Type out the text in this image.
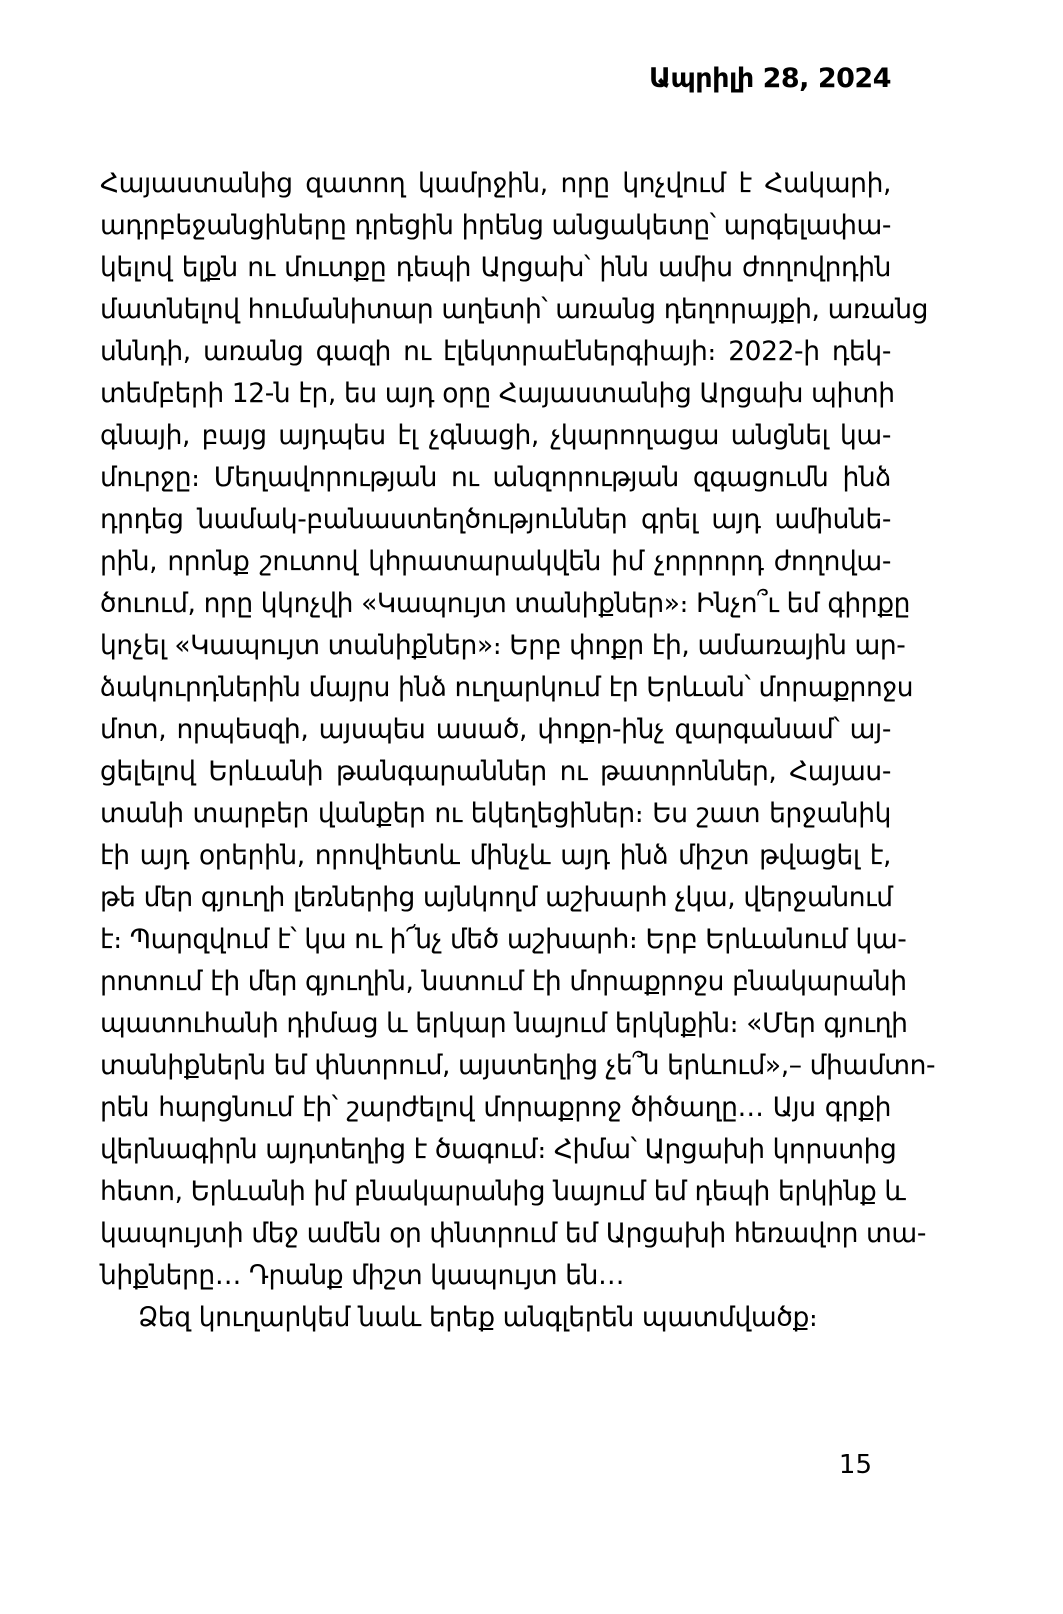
Ապրիլի 28, 2024
Հայաստանից զատող կամրջին, որը կոչվում է Հակարի,
ադրբեջանցիները դրեցին իրենց անցակետը՝ արգելափա-
կելով ելքն ու մուտքը դեպի Արցախ՝ ինն ամիս ժողովրդին
մատնելով հումանիտար աղետի՝ առանց դեղորայքի, առանց
սննդի, առանց գազի ու էլեկտրաէներգիայի։ 2022-ի դեկ-
տեմբերի 12-ն էր, ես այդ օրը Հայաստանից Արցախ պիտի
գնայի, բայց այդպես էլ չգնացի, չկարողացա անցնել կա-
մուրջը։ Մեղավորության ու անզորության զգացումն ինձ
դրդեց նամակ-բանաստեղծություններ գրել այդ ամիսնե-
րին, որոնք շուտով կհրատարակվեն իմ չորրորդ ժողովա-
ծուում, որը կկոչվի «Կապույտ տանիքներ»։ Ինչո՞ւ եմ գիրքը
կոչել «Կապույտ տանիքներ»։ Երբ փոքր էի, ամառային ար-
ձակուրդներին մայրս ինձ ուղարկում էր Երևան՝ մորաքրոջս
մոտ, որպեսզի, այսպես ասած, փոքր-ինչ զարգանամ՝ այ-
ցելելով Երևանի թանգարաններ ու թատրոններ, Հայաս-
տանի տարբեր վանքեր ու եկեղեցիներ։ Ես շատ երջանիկ
էի այդ օրերին, որովհետև մինչև այդ ինձ միշտ թվացել է,
թե մեր գյուղի լեռներից այնկողմ աշխարհ չկա, վերջանում
է։ Պարզվում է՝ կա ու ի՜նչ մեծ աշխարհ։ Երբ Երևանում կա-
րոտում էի մեր գյուղին, նստում էի մորաքրոջս բնակարանի
պատուհանի դիմաց և երկար նայում երկնքին։ «Մեր գյուղի
տանիքներն եմ փնտրում, այստեղից չե՞ն երևում»,– միամտո-
րեն հարցնում էի՝ շարժելով մորաքրոջ ծիծաղը… Այս գրքի
վերնագիրն այդտեղից է ծագում։ Հիմա՝ Արցախի կորստից
հետո, Երևանի իմ բնակարանից նայում եմ դեպի երկինք և
կապույտի մեջ ամեն օր փնտրում եմ Արցախի հեռավոր տա-
նիքները… Դրանք միշտ կապույտ են…
Ձեզ կուղարկեմ նաև երեք անգլերեն պատմվածք։
15
